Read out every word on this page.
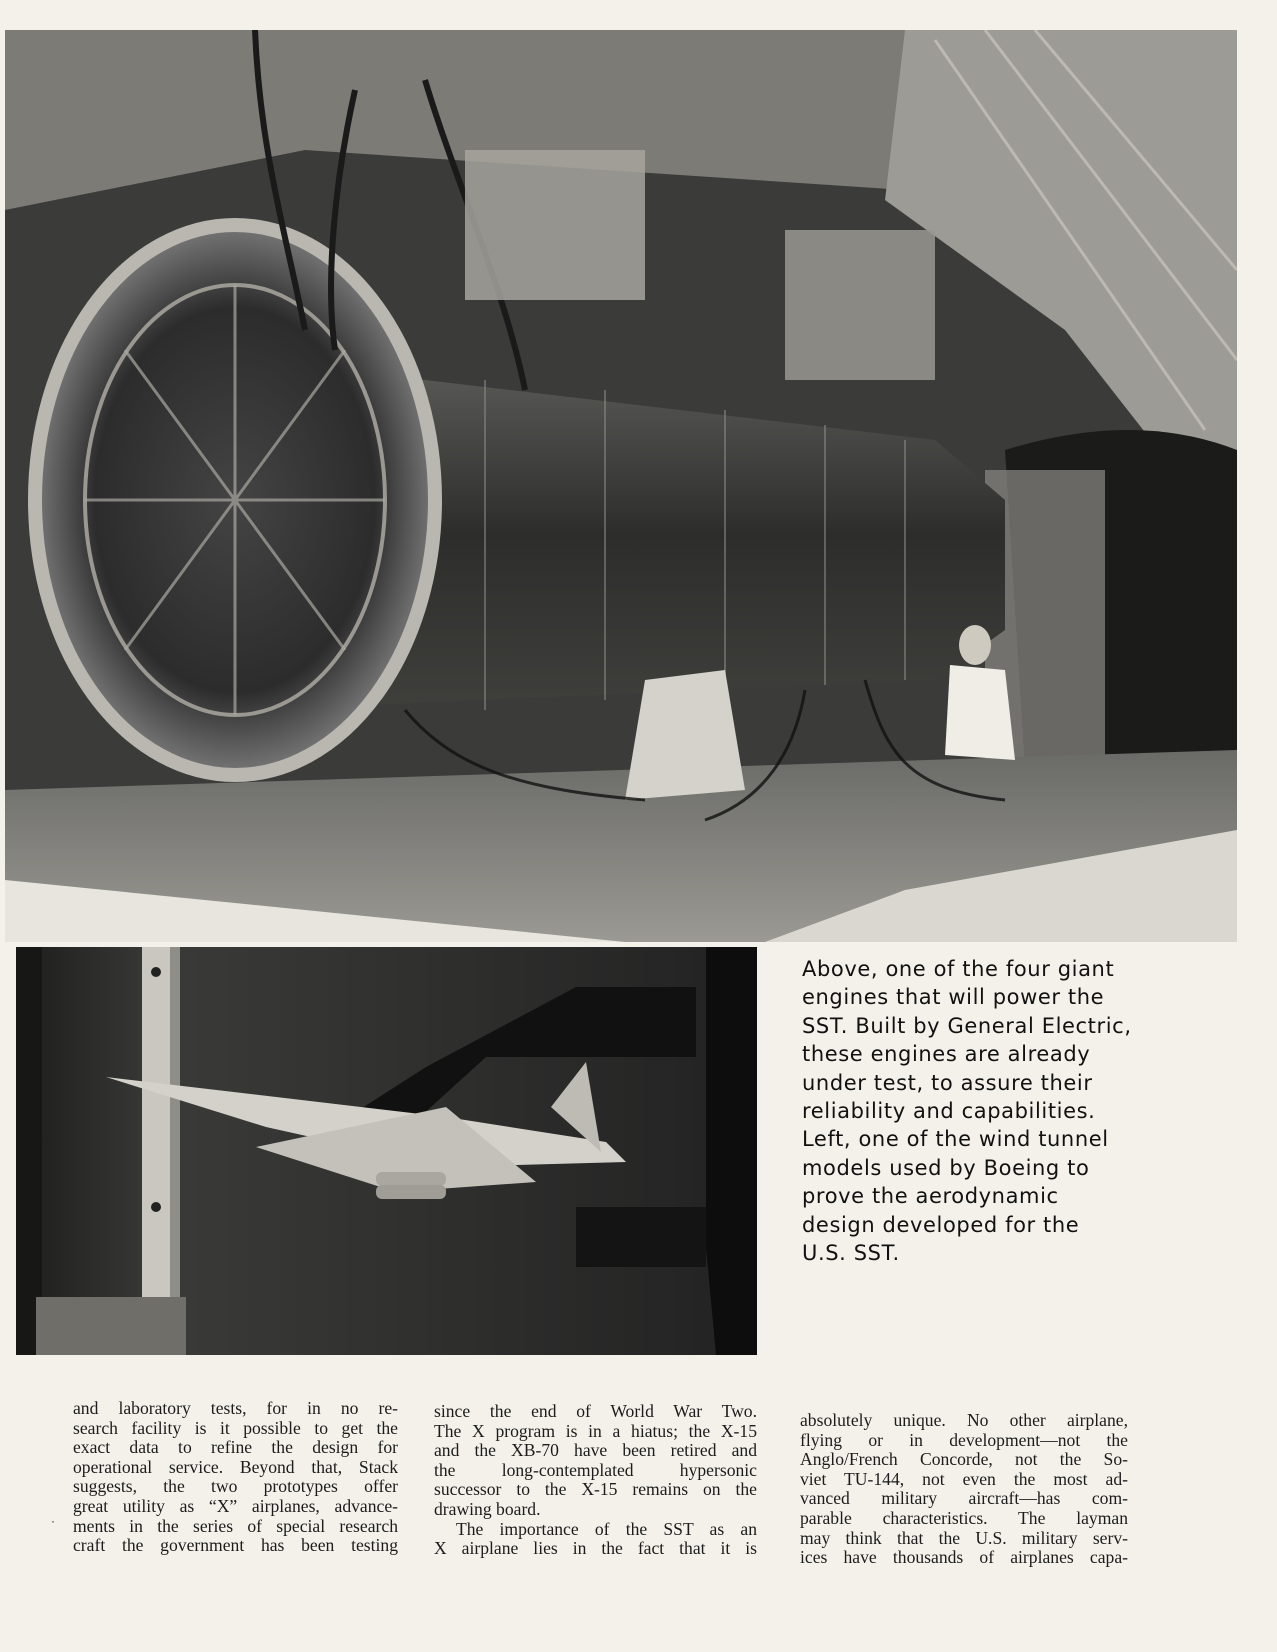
Above, one of the four giant
engines that will power the
SST. Built by General Electric,
these engines are already
under test, to assure their
reliability and capabilities.
Left, one of the wind tunnel
models used by Boeing to
prove the aerodynamic
design developed for the
U.S. SST.
and laboratory tests, for in no re-
search facility is it possible to get the
exact data to refine the design for
operational service. Beyond that, Stack
suggests, the two prototypes offer
great utility as “X” airplanes, advance-
ments in the series of special research
craft the government has been testing
·
since the end of World War Two.
The X program is in a hiatus; the X-15
and the XB-70 have been retired and
the long-contemplated hypersonic
successor to the X-15 remains on the
drawing board.
The importance of the SST as an
X airplane lies in the fact that it is
absolutely unique. No other airplane,
flying or in development—not the
Anglo/French Concorde, not the So-
viet TU-144, not even the most ad-
vanced military aircraft—has com-
parable characteristics. The layman
may think that the U.S. military serv-
ices have thousands of airplanes capa-
